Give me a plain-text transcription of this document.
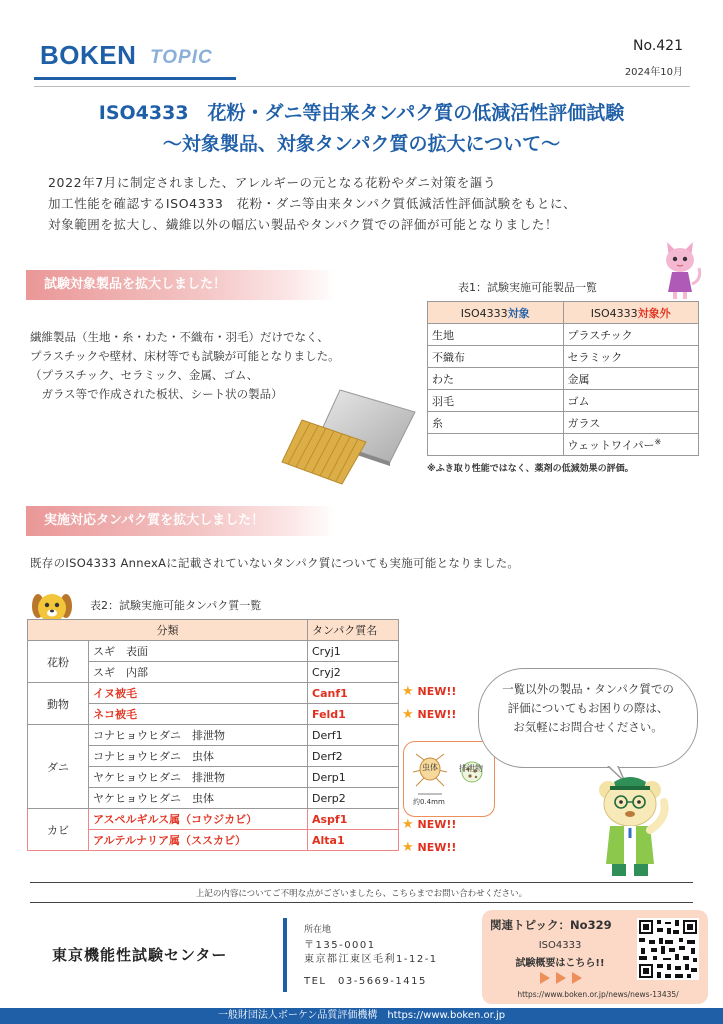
BOKEN TOPIC
No.421
2024年10月
ISO4333　花粉・ダニ等由来タンパク質の低減活性評価試験
～対象製品、対象タンパク質の拡大について～
2022年7月に制定されました、アレルギーの元となる花粉やダニ対策を謳う
加工性能を確認するISO4333　花粉・ダニ等由来タンパク質低減活性評価試験をもとに、
対象範囲を拡大し、繊維以外の幅広い製品やタンパク質での評価が可能となりました！
試験対象製品を拡大しました！
繊維製品（生地・糸・わた・不織布・羽毛）だけでなく、
プラスチックや壁材、床材等でも試験が可能となりました。
（プラスチック、セラミック、金属、ゴム、
　ガラス等で作成された板状、シート状の製品）
表1：試験実施可能製品一覧
ISO4333対象	ISO4333対象外
生地	プラスチック
不織布	セラミック
わた	金属
羽毛	ゴム
糸	ガラス
	ウェットワイパー※
※ふき取り性能ではなく、薬剤の低減効果の評価。
実施対応タンパク質を拡大しました！
既存のISO4333 AnnexAに記載されていないタンパク質についても実施可能となりました。
表2：試験実施可能タンパク質一覧
分類		タンパク質名
花粉	スギ　表面	Cryj1
	スギ　内部	Cryj2
動物	イヌ被毛	Canf1
	ネコ被毛	Feld1
ダニ	コナヒョウヒダニ　排泄物	Derf1
	コナヒョウヒダニ　虫体	Derf2
	ヤケヒョウヒダニ　排泄物	Derp1
	ヤケヒョウヒダニ　虫体	Derp2
カビ	アスペルギルス属（コウジカビ）	Aspf1
	アルテルナリア属（ススカビ）	Alta1
★ NEW!!
★ NEW!!
★ NEW!!
★ NEW!!
虫体	排泄物
約0.4mm
一覧以外の製品・タンパク質での
評価についてもお困りの際は、
お気軽にお問合せください。
上記の内容についてご不明な点がございましたら、こちらまでお問い合わせください。
東京機能性試験センター
所在地
〒135-0001
東京都江東区毛利1-12-1
TEL　03-5669-1415
関連トピック：No329
ISO4333
試験概要はこちら!!
https://www.boken.or.jp/news/news-13435/
一般財団法人ボーケン品質評価機構　https://www.boken.or.jp
